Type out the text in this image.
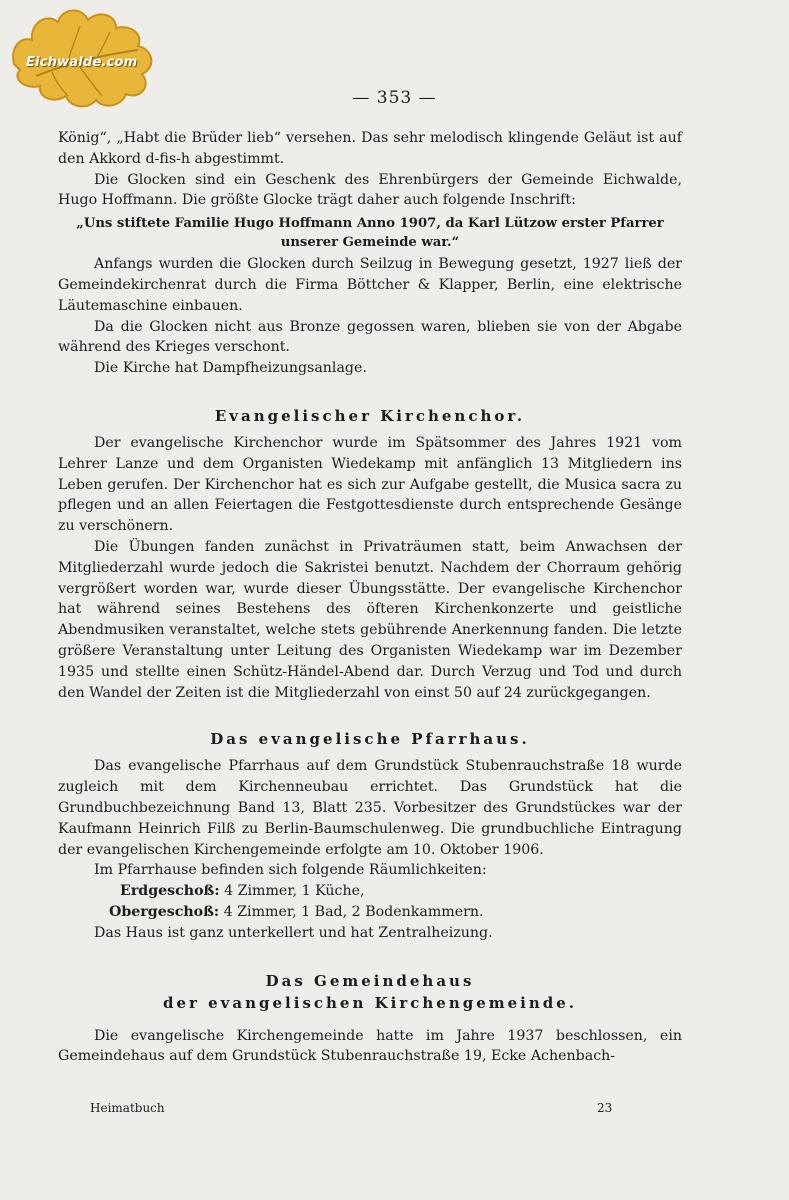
Eichwalde.com
— 353 —

König“, „Habt die Brüder lieb“ versehen. Das sehr melodisch klingende Geläut ist auf den Akkord d-fis-h abgestimmt.

Die Glocken sind ein Geschenk des Ehrenbürgers der Gemeinde Eichwalde, Hugo Hoffmann. Die größte Glocke trägt daher auch folgende Inschrift:

„Uns stiftete Familie Hugo Hoffmann Anno 1907, da Karl Lützow erster Pfarrer unserer Gemeinde war.“

Anfangs wurden die Glocken durch Seilzug in Bewegung gesetzt, 1927 ließ der Gemeindekirchenrat durch die Firma Böttcher & Klapper, Berlin, eine elektrische Läutemaschine einbauen.

Da die Glocken nicht aus Bronze gegossen waren, blieben sie von der Abgabe während des Krieges verschont.

Die Kirche hat Dampfheizungsanlage.

Evangelischer Kirchenchor.

Der evangelische Kirchenchor wurde im Spätsommer des Jahres 1921 vom Lehrer Lanze und dem Organisten Wiedekamp mit anfänglich 13 Mitgliedern ins Leben gerufen. Der Kirchenchor hat es sich zur Aufgabe gestellt, die Musica sacra zu pflegen und an allen Feiertagen die Festgottesdienste durch entsprechende Gesänge zu verschönern.

Die Übungen fanden zunächst in Privaträumen statt, beim Anwachsen der Mitgliederzahl wurde jedoch die Sakristei benutzt. Nachdem der Chorraum gehörig vergrößert worden war, wurde dieser Übungsstätte. Der evangelische Kirchenchor hat während seines Bestehens des öfteren Kirchenkonzerte und geistliche Abendmusiken veranstaltet, welche stets gebührende Anerkennung fanden. Die letzte größere Veranstaltung unter Leitung des Organisten Wiedekamp war im Dezember 1935 und stellte einen Schütz-Händel-Abend dar. Durch Verzug und Tod und durch den Wandel der Zeiten ist die Mitgliederzahl von einst 50 auf 24 zurückgegangen.

Das evangelische Pfarrhaus.

Das evangelische Pfarrhaus auf dem Grundstück Stubenrauchstraße 18 wurde zugleich mit dem Kirchenneubau errichtet. Das Grundstück hat die Grundbuchbezeichnung Band 13, Blatt 235. Vorbesitzer des Grundstückes war der Kaufmann Heinrich Filß zu Berlin-Baumschulenweg. Die grundbuchliche Eintragung der evangelischen Kirchengemeinde erfolgte am 10. Oktober 1906.

Im Pfarrhause befinden sich folgende Räumlichkeiten:

Erdgeschoß: 4 Zimmer, 1 Küche,

Obergeschoß: 4 Zimmer, 1 Bad, 2 Bodenkammern.

Das Haus ist ganz unterkellert und hat Zentralheizung.

Das Gemeindehaus
der evangelischen Kirchengemeinde.

Die evangelische Kirchengemeinde hatte im Jahre 1937 beschlossen, ein Gemeindehaus auf dem Grundstück Stubenrauchstraße 19, Ecke Achenbach-

Heimatbuch	23
